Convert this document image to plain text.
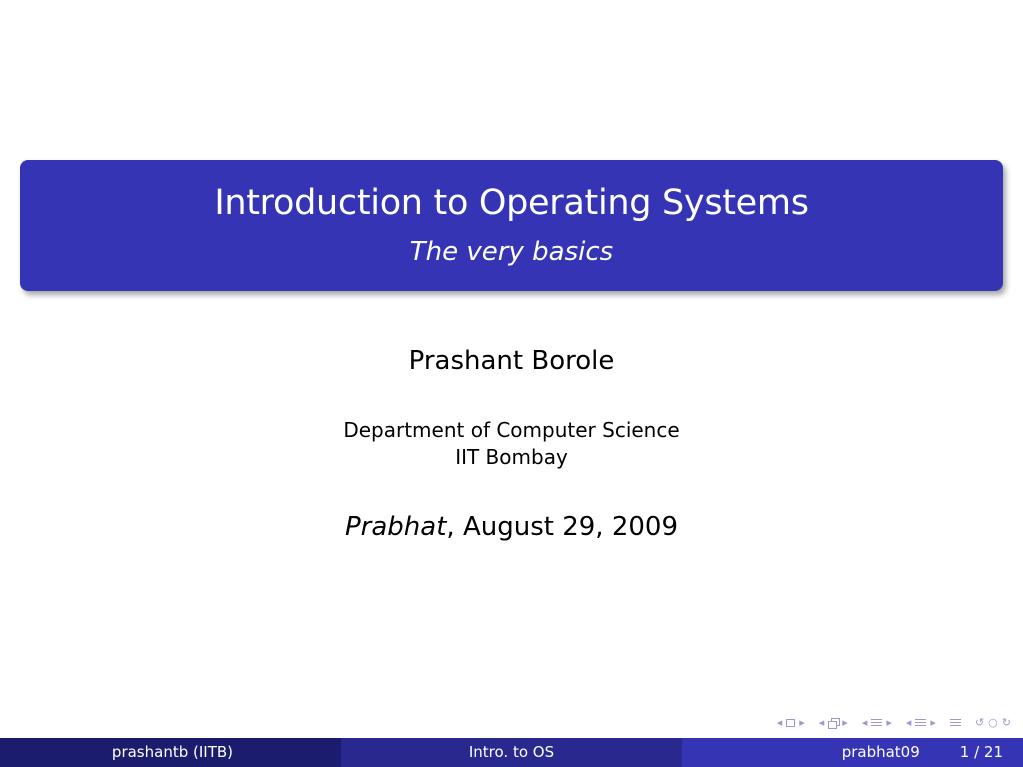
Introduction to Operating Systems
The very basics
Prashant Borole
Department of Computer Science
IIT Bombay
Prabhat, August 29, 2009
◂ ▸ ◂ ▸ ◂ ▸ ◂ ▸	↺ ○ ↻
prashantb (IITB)	Intro. to OS	prabhat09	1 / 21
